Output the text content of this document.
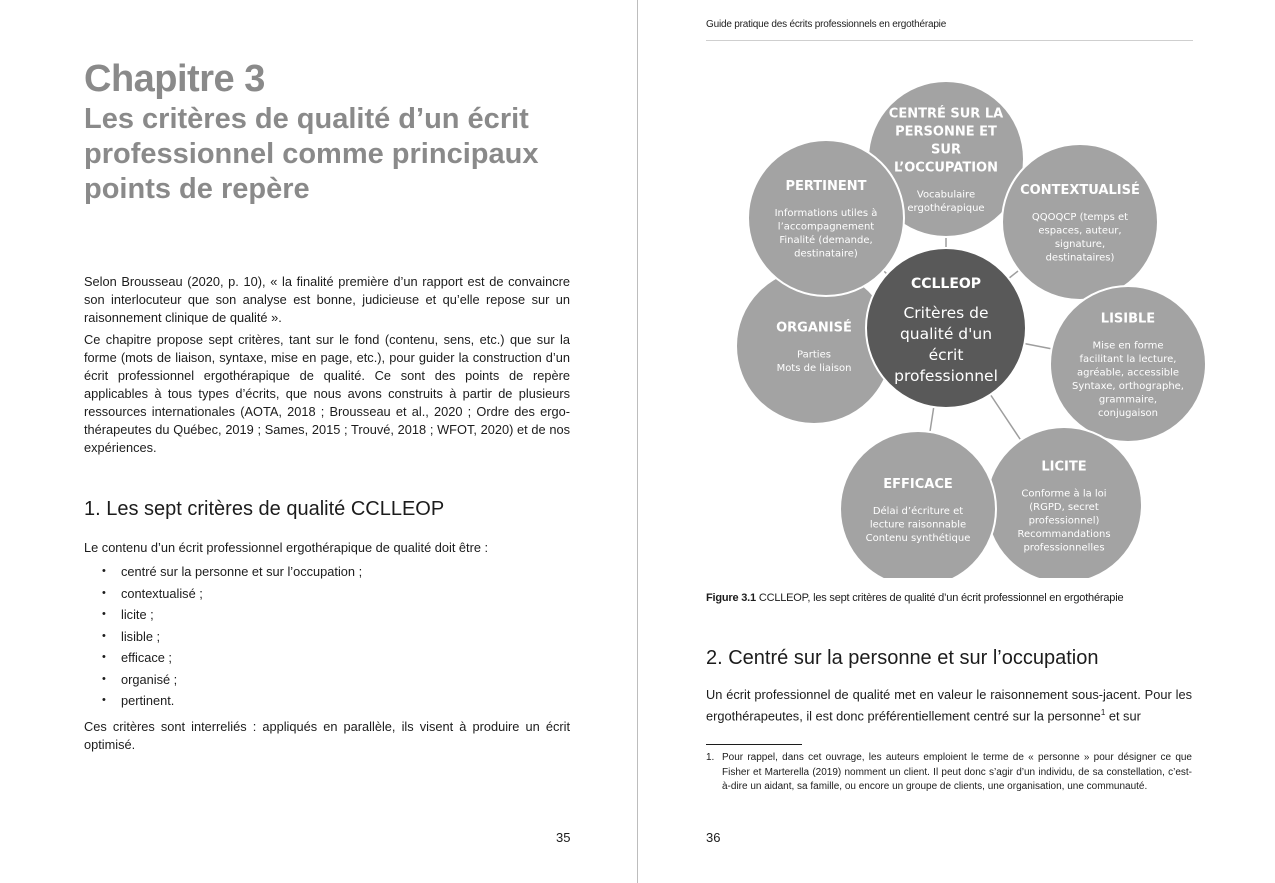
Chapitre 3
Les critères de qualité d’un écrit professionnel comme principaux points de repère
Selon Brousseau (2020, p. 10), « la finalité première d’un rapport est de convaincre son interlocuteur que son analyse est bonne, judicieuse et qu’elle repose sur un raisonnement clinique de qualité ».
Ce chapitre propose sept critères, tant sur le fond (contenu, sens, etc.) que sur la forme (mots de liaison, syntaxe, mise en page, etc.), pour guider la construction d’un écrit professionnel ergothérapique de qualité. Ce sont des points de repère applicables à tous types d’écrits, que nous avons construits à partir de plusieurs ressources internationales (AOTA, 2018 ; Brousseau et al., 2020 ; Ordre des ergo-thérapeutes du Québec, 2019 ; Sames, 2015 ; Trouvé, 2018 ; WFOT, 2020) et de nos expériences.
1. Les sept critères de qualité CCLLEOP
Le contenu d’un écrit professionnel ergothérapique de qualité doit être :
• centré sur la personne et sur l’occupation ;
• contextualisé ;
• licite ;
• lisible ;
• efficace ;
• organisé ;
• pertinent.
Ces critères sont interreliés : appliqués en parallèle, ils visent à produire un écrit optimisé.
35
Guide pratique des écrits professionnels en ergothérapie
CENTRÉ SUR LA
PERSONNE ET
SUR
L’OCCUPATION
Vocabulaire
ergothérapique
CONTEXTUALISÉ
QQOQCP (temps et
espaces, auteur,
signature,
destinataires)
LISIBLE
Mise en forme
facilitant la lecture,
agréable, accessible
Syntaxe, orthographe,
grammaire,
conjugaison
LICITE
Conforme à la loi
(RGPD, secret
professionnel)
Recommandations
professionnelles
EFFICACE
Délai d’écriture et
lecture raisonnable
Contenu synthétique
ORGANISÉ
Parties
Mots de liaison
PERTINENT
Informations utiles à
l’accompagnement
Finalité (demande,
destinataire)
CCLLEOP
Critères de
qualité d'un
écrit
professionnel
Figure 3.1 CCLLEOP, les sept critères de qualité d’un écrit professionnel en ergothérapie
2. Centré sur la personne et sur l’occupation
Un écrit professionnel de qualité met en valeur le raisonnement sous-jacent. Pour les ergothérapeutes, il est donc préférentiellement centré sur la personne$^1$ et sur
1. Pour rappel, dans cet ouvrage, les auteurs emploient le terme de « personne » pour désigner ce que Fisher et Marterella (2019) nomment un client. Il peut donc s’agir d’un individu, de sa constellation, c’est-à-dire un aidant, sa famille, ou encore un groupe de clients, une organisation, une communauté.
36
